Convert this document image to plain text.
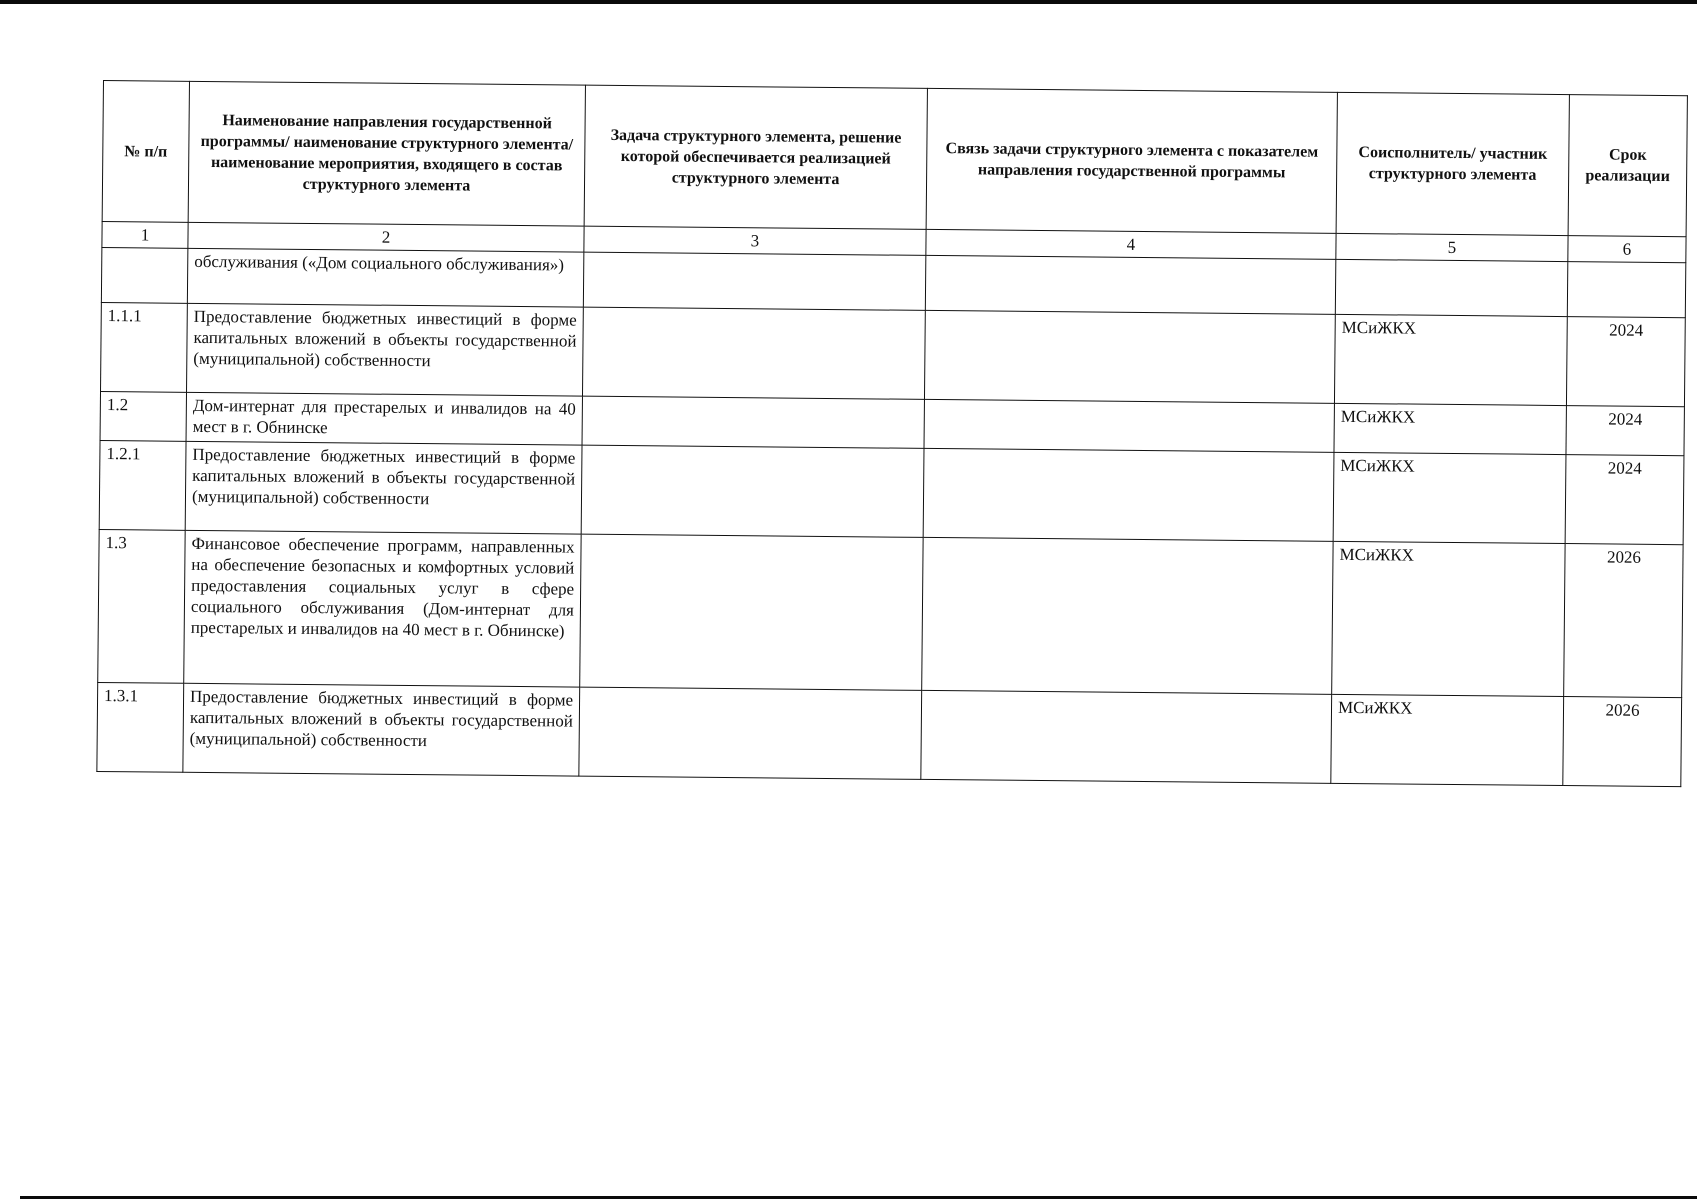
№ п/п	Наименование направления государственной программы/ наименование структурного элемента/наименование мероприятия, входящего в состав структурного элемента	Задача структурного элемента, решение которой обеспечивается реализацией структурного элемента	Связь задачи структурного элемента с показателем направления государственной программы	Соисполнитель/ участник структурного элемента	Срок реализации
1	2	3	4	5	6
	обслуживания («Дом социального обслуживания»)				
1.1.1	Предоставление бюджетных инвестиций в форме капитальных вложений в объекты государственной (муниципальной) собственности			МСиЖКХ	2024
1.2	Дом-интернат для престарелых и инвалидов на 40 мест в г. Обнинске			МСиЖКХ	2024
1.2.1	Предоставление бюджетных инвестиций в форме капитальных вложений в объекты государственной (муниципальной) собственности			МСиЖКХ	2024
1.3	Финансовое обеспечение программ, направленных на обеспечение безопасных и комфортных условий предоставления социальных услуг в сфере социального обслуживания (Дом-интернат для престарелых и инвалидов на 40 мест в г. Обнинске)			МСиЖКХ	2026
1.3.1	Предоставление бюджетных инвестиций в форме капитальных вложений в объекты государственной (муниципальной) собственности			МСиЖКХ	2026
